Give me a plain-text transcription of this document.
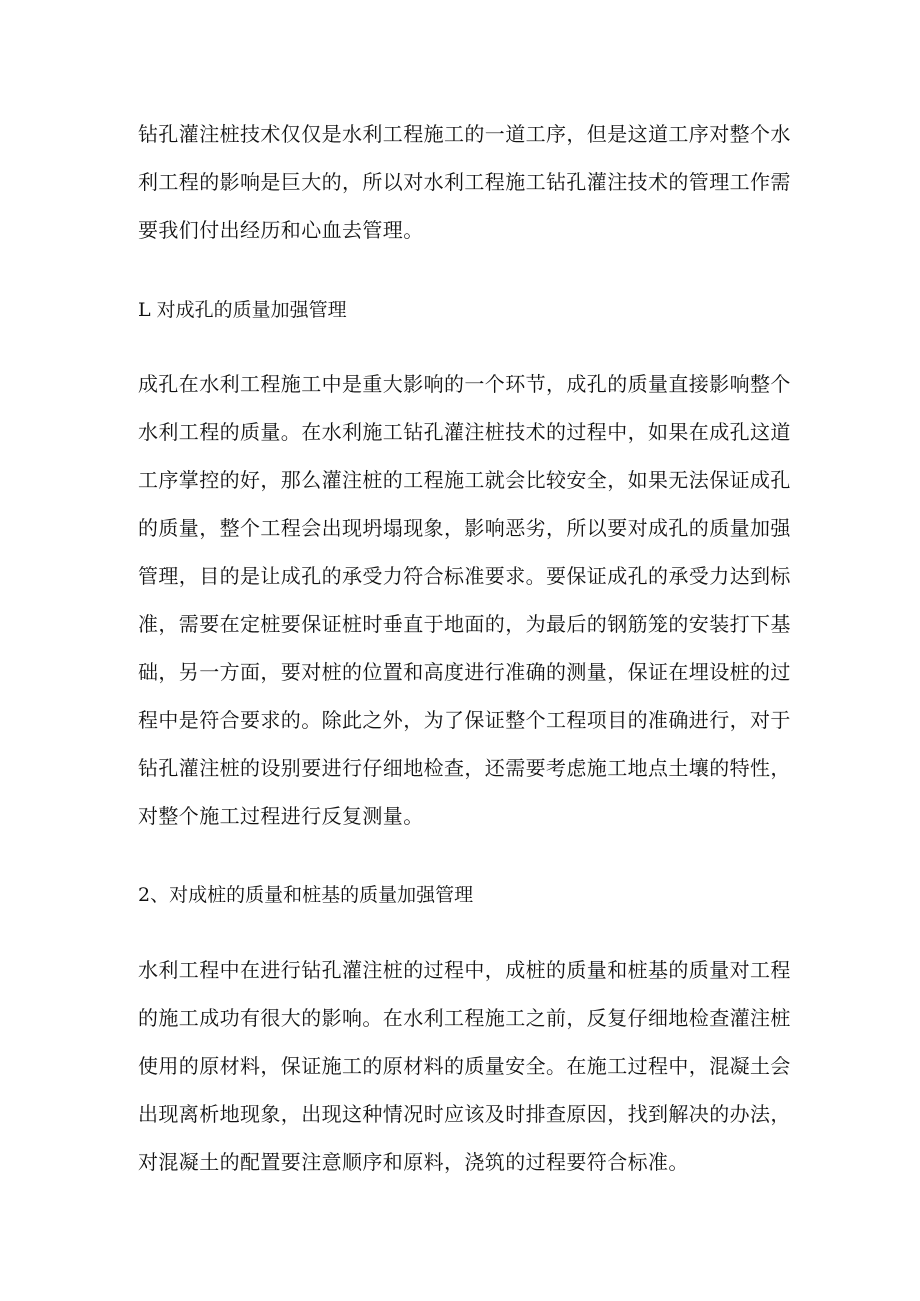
钻孔灌注桩技术仅仅是水利工程施工的一道工序，但是这道工序对整个水利工程的影响是巨大的，所以对水利工程施工钻孔灌注技术的管理工作需要我们付出经历和心血去管理。

L 对成孔的质量加强管理

成孔在水利工程施工中是重大影响的一个环节，成孔的质量直接影响整个水利工程的质量。在水利施工钻孔灌注桩技术的过程中，如果在成孔这道工序掌控的好，那么灌注桩的工程施工就会比较安全，如果无法保证成孔的质量，整个工程会出现坍塌现象，影响恶劣，所以要对成孔的质量加强管理，目的是让成孔的承受力符合标准要求。要保证成孔的承受力达到标准，需要在定桩要保证桩时垂直于地面的，为最后的钢筋笼的安装打下基础，另一方面，要对桩的位置和高度进行准确的测量，保证在埋设桩的过程中是符合要求的。除此之外，为了保证整个工程项目的准确进行，对于钻孔灌注桩的设别要进行仔细地检查，还需要考虑施工地点土壤的特性，对整个施工过程进行反复测量。

2、对成桩的质量和桩基的质量加强管理

水利工程中在进行钻孔灌注桩的过程中，成桩的质量和桩基的质量对工程的施工成功有很大的影响。在水利工程施工之前，反复仔细地检查灌注桩使用的原材料，保证施工的原材料的质量安全。在施工过程中，混凝土会出现离析地现象，出现这种情况时应该及时排查原因，找到解决的办法，对混凝土的配置要注意顺序和原料，浇筑的过程要符合标准。
